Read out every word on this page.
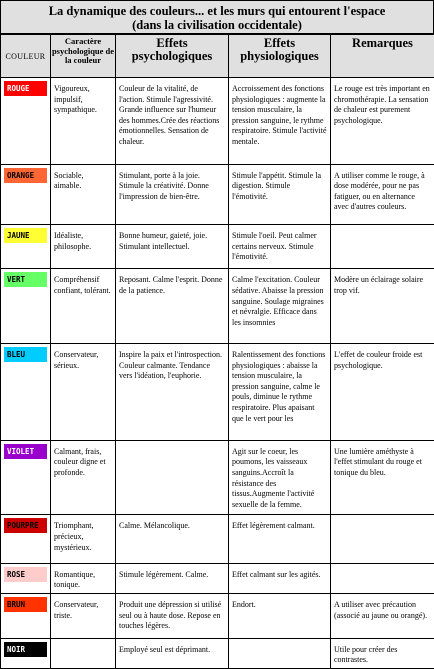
La dynamique des couleurs... et les murs qui entourent l'espace
(dans la civilisation occidentale)
COULEUR	Caractère psychologique de la couleur	Effets psychologiques	Effets physiologiques	Remarques

ROUGE	Vigoureux, impulsif, sympathique.	Couleur de la vitalité, de l'action. Stimule l'agressivité. Grande influence sur l'humeur des hommes.Crée des réactions émotionnelles. Sensation de chaleur.	Accroissement des fonctions physiologiques : augmente la tension musculaire, la pression sanguine, le rythme respiratoire. Stimule l'activité mentale.	Le rouge est très important en chromothérapie. La sensation de chaleur est purement psychologique.

ORANGE	Sociable, aimable.	Stimulant, porte à la joie. Stimule la créativité. Donne l'impression de bien-être.	Stimule l'appétit. Stimule la digestion. Stimule l'émotivité.	A utiliser comme le rouge, à dose modérée, pour ne pas fatiguer, ou en alternance avec d'autres couleurs.

JAUNE	Idéaliste, philosophe.	Bonne humeur, gaieté, joie. Stimulant intellectuel.	Stimule l'oeil. Peut calmer certains nerveux. Stimule l'émotivité.	

VERT	Compréhensif confiant, tolérant.	Reposant. Calme l'esprit. Donne de la patience.	Calme l'excitation. Couleur sédative. Abaisse la pression sanguine. Soulage migraines et névralgie. Efficace dans les insomnies	Modère un éclairage solaire trop vif.

BLEU	Conservateur, sérieux.	Inspire la paix et l'introspection. Couleur calmante. Tendance vers l'idéation, l'euphorie.	Ralentissement des fonctions physiologiques : abaisse la tension musculaire, la pression sanguine, calme le pouls, diminue le rythme respiratoire. Plus apaisant que le vert pour les	L'effet de couleur froide est psychologique.

VIOLET	Calmant, frais, couleur digne et profonde.		Agit sur le coeur, les poumons, les vaisseaux sanguins.Accroît la résistance des tissus.Augmente l'activité sexuelle de la femme.	Une lumière améthyste à l'effet stimulant du rouge et tonique du bleu.

POURPRE	Triomphant, précieux, mystérieux.	Calme. Mélancolique.	Effet légèrement calmant.	

ROSE	Romantique, tonique.	Stimule légèrement. Calme.	Effet calmant sur les agités.	

BRUN	Conservateur, triste.	Produit une dépression si utilisé seul ou à haute dose. Repose en touches légères.	Endort.	A utiliser avec précaution (associé au jaune ou orangé).

NOIR		Employé seul est déprimant.		Utile pour créer des contrastes.
